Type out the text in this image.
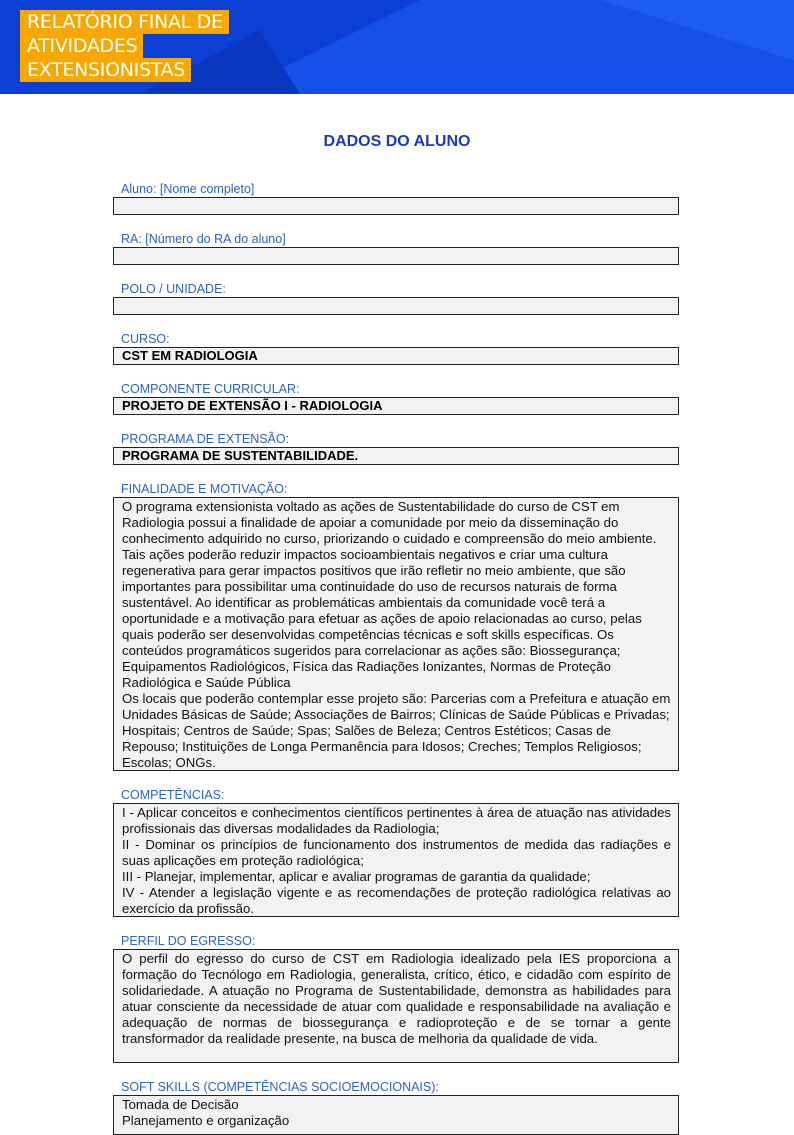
RELATÓRIO FINAL DE
ATIVIDADES
EXTENSIONISTAS
DADOS DO ALUNO
Aluno: [Nome completo]
RA: [Número do RA do aluno]
POLO / UNIDADE:
CURSO:
CST EM RADIOLOGIA
COMPONENTE CURRICULAR:
PROJETO DE EXTENSÃO I - RADIOLOGIA
PROGRAMA DE EXTENSÃO:
PROGRAMA DE SUSTENTABILIDADE.
FINALIDADE E MOTIVAÇÃO:

O programa extensionista voltado as ações de Sustentabilidade do curso de CST em Radiologia possui a finalidade de apoiar a comunidade por meio da disseminação do conhecimento adquirido no curso, priorizando o cuidado e compreensão do meio ambiente. Tais ações poderão reduzir impactos socioambientais negativos e criar uma cultura regenerativa para gerar impactos positivos que irão refletir no meio ambiente, que são importantes para possibilitar uma continuidade do uso de recursos naturais de forma sustentável. Ao identificar as problemáticas ambientais da comunidade você terá a oportunidade e a motivação para efetuar as ações de apoio relacionadas ao curso, pelas quais poderão ser desenvolvidas competências técnicas e soft skills específicas. Os conteúdos programáticos sugeridos para correlacionar as ações são: Biossegurança; Equipamentos Radiológicos, Física das Radiações Ionizantes, Normas de Proteção Radiológica e Saúde Pública

Os locais que poderão contemplar esse projeto são: Parcerias com a Prefeitura e atuação em Unidades Básicas de Saúde; Associações de Bairros; Clínicas de Saúde Públicas e Privadas; Hospitais; Centros de Saúde; Spas; Salões de Beleza; Centros Estéticos; Casas de Repouso; Instituições de Longa Permanência para Idosos; Creches; Templos Religiosos; Escolas; ONGs.

COMPETÊNCIAS:

I - Aplicar conceitos e conhecimentos científicos pertinentes à área de atuação nas atividades profissionais das diversas modalidades da Radiologia;

II - Dominar os princípios de funcionamento dos instrumentos de medida das radiações e suas aplicações em proteção radiológica;

III - Planejar, implementar, aplicar e avaliar programas de garantia da qualidade;

IV - Atender a legislação vigente e as recomendações de proteção radiológica relativas ao exercício da profissão.

PERFIL DO EGRESSO:

O perfil do egresso do curso de CST em Radiologia idealizado pela IES proporciona a formação do Tecnólogo em Radiologia, generalista, crítico, ético, e cidadão com espírito de solidariedade. A atuação no Programa de Sustentabilidade, demonstra as habilidades para atuar consciente da necessidade de atuar com qualidade e responsabilidade na avaliação e adequação de normas de biossegurança e radioproteção e de se tornar a gente transformador da realidade presente, na busca de melhoria da qualidade de vida.

SOFT SKILLS (COMPETÊNCIAS SOCIOEMOCIONAIS):

Tomada de Decisão

Planejamento e organização
